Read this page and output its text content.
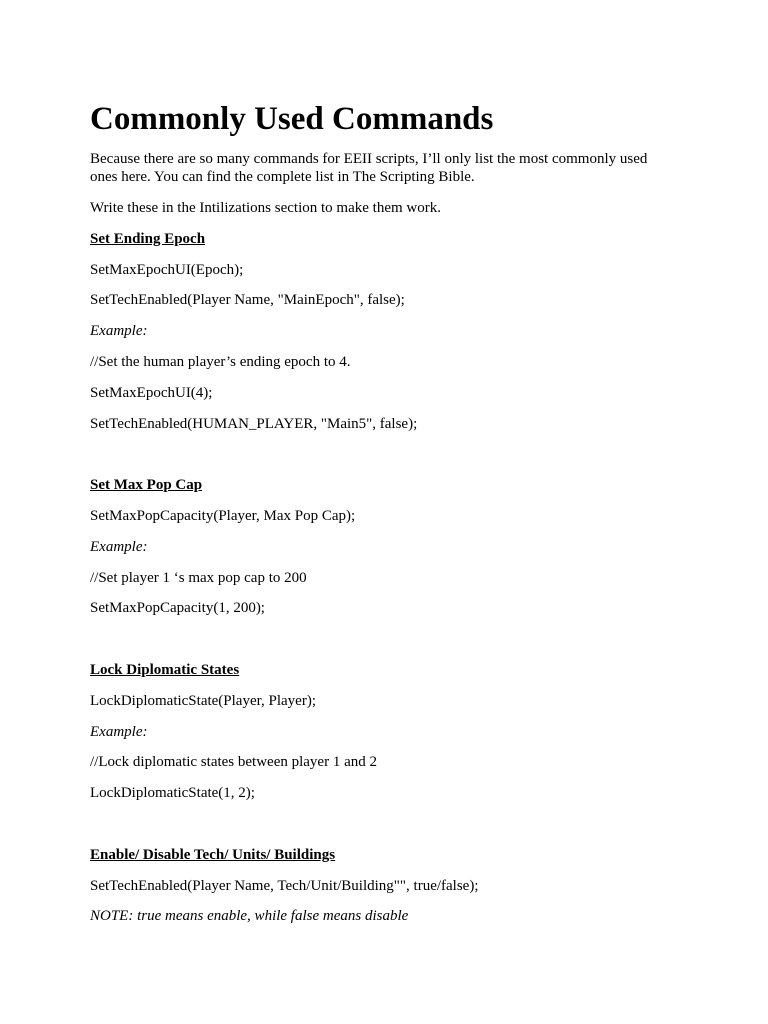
Commonly Used Commands

Because there are so many commands for EEII scripts, I’ll only list the most commonly used ones here. You can find the complete list in The Scripting Bible.

Write these in the Intilizations section to make them work.

Set Ending Epoch

SetMaxEpochUI(Epoch);

SetTechEnabled(Player Name, "MainEpoch", false);

Example:

//Set the human player’s ending epoch to 4.

SetMaxEpochUI(4);

SetTechEnabled(HUMAN_PLAYER, "Main5", false);

Set Max Pop Cap

SetMaxPopCapacity(Player, Max Pop Cap);

Example:

//Set player 1 ‘s max pop cap to 200

SetMaxPopCapacity(1, 200);

Lock Diplomatic States

LockDiplomaticState(Player, Player);

Example:

//Lock diplomatic states between player 1 and 2

LockDiplomaticState(1, 2);

Enable/ Disable Tech/ Units/ Buildings

SetTechEnabled(Player Name, Tech/Unit/Building"", true/false);

NOTE: true means enable, while false means disable
